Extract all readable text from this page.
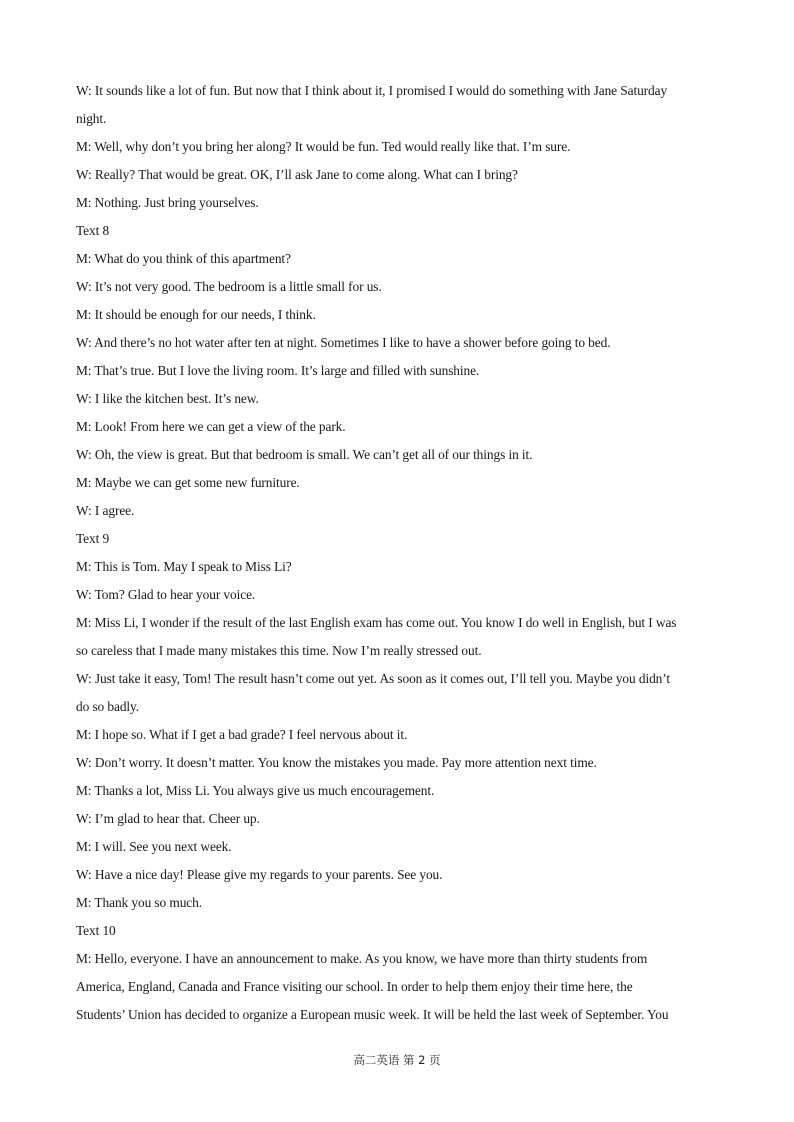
W: It sounds like a lot of fun. But now that I think about it, I promised I would do something with Jane Saturday
night.
M: Well, why don’t you bring her along? It would be fun. Ted would really like that. I’m sure.
W: Really? That would be great. OK, I’ll ask Jane to come along. What can I bring?
M: Nothing. Just bring yourselves.
Text 8
M: What do you think of this apartment?
W: It’s not very good. The bedroom is a little small for us.
M: It should be enough for our needs, I think.
W: And there’s no hot water after ten at night. Sometimes I like to have a shower before going to bed.
M: That’s true. But I love the living room. It’s large and filled with sunshine.
W: I like the kitchen best. It’s new.
M: Look! From here we can get a view of the park.
W: Oh, the view is great. But that bedroom is small. We can’t get all of our things in it.
M: Maybe we can get some new furniture.
W: I agree.
Text 9
M: This is Tom. May I speak to Miss Li?
W: Tom? Glad to hear your voice.
M: Miss Li, I wonder if the result of the last English exam has come out. You know I do well in English, but I was
so careless that I made many mistakes this time. Now I’m really stressed out.
W: Just take it easy, Tom! The result hasn’t come out yet. As soon as it comes out, I’ll tell you. Maybe you didn’t
do so badly.
M: I hope so. What if I get a bad grade? I feel nervous about it.
W: Don’t worry. It doesn’t matter. You know the mistakes you made. Pay more attention next time.
M: Thanks a lot, Miss Li. You always give us much encouragement.
W: I’m glad to hear that. Cheer up.
M: I will. See you next week.
W: Have a nice day! Please give my regards to your parents. See you.
M: Thank you so much.
Text 10
M: Hello, everyone. I have an announcement to make. As you know, we have more than thirty students from
America, England, Canada and France visiting our school. In order to help them enjoy their time here, the
Students’ Union has decided to organize a European music week. It will be held the last week of September. You
高二英语 第 2 页
